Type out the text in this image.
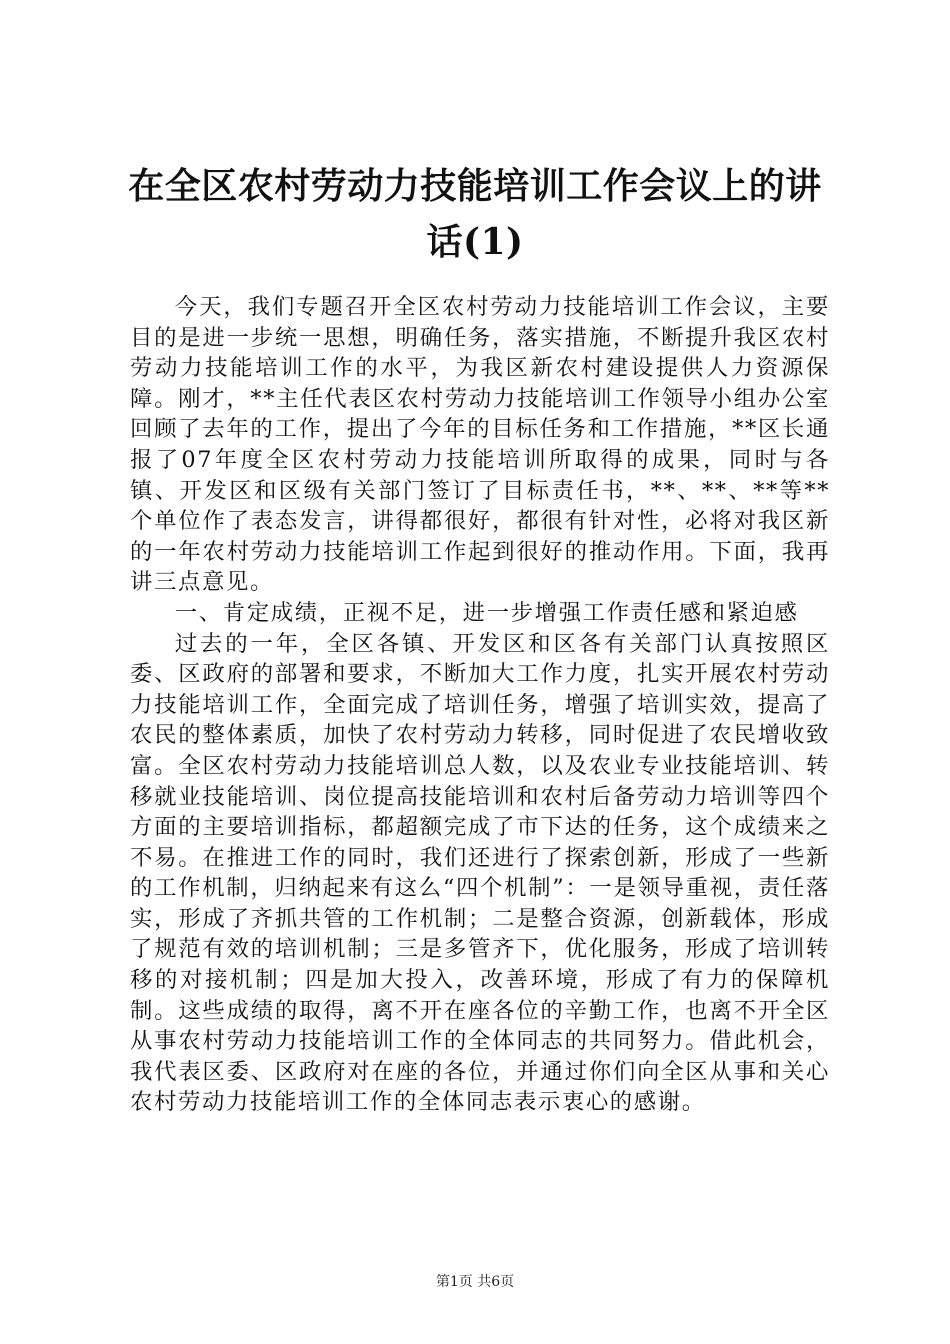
在全区农村劳动力技能培训工作会议上的讲话(1)

今天，我们专题召开全区农村劳动力技能培训工作会议，主要目的是进一步统一思想，明确任务，落实措施，不断提升我区农村劳动力技能培训工作的水平，为我区新农村建设提供人力资源保障。刚才，**主任代表区农村劳动力技能培训工作领导小组办公室回顾了去年的工作，提出了今年的目标任务和工作措施，**区长通报了07年度全区农村劳动力技能培训所取得的成果，同时与各镇、开发区和区级有关部门签订了目标责任书，**、**、**等**个单位作了表态发言，讲得都很好，都很有针对性，必将对我区新的一年农村劳动力技能培训工作起到很好的推动作用。下面，我再讲三点意见。

一、肯定成绩，正视不足，进一步增强工作责任感和紧迫感

过去的一年，全区各镇、开发区和区各有关部门认真按照区委、区政府的部署和要求，不断加大工作力度，扎实开展农村劳动力技能培训工作，全面完成了培训任务，增强了培训实效，提高了农民的整体素质，加快了农村劳动力转移，同时促进了农民增收致富。全区农村劳动力技能培训总人数，以及农业专业技能培训、转移就业技能培训、岗位提高技能培训和农村后备劳动力培训等四个方面的主要培训指标，都超额完成了市下达的任务，这个成绩来之不易。在推进工作的同时，我们还进行了探索创新，形成了一些新的工作机制，归纳起来有这么“四个机制”：一是领导重视，责任落实，形成了齐抓共管的工作机制；二是整合资源，创新载体，形成了规范有效的培训机制；三是多管齐下，优化服务，形成了培训转移的对接机制；四是加大投入，改善环境，形成了有力的保障机制。这些成绩的取得，离不开在座各位的辛勤工作，也离不开全区从事农村劳动力技能培训工作的全体同志的共同努力。借此机会，我代表区委、区政府对在座的各位，并通过你们向全区从事和关心农村劳动力技能培训工作的全体同志表示衷心的感谢。

第1页 共6页
